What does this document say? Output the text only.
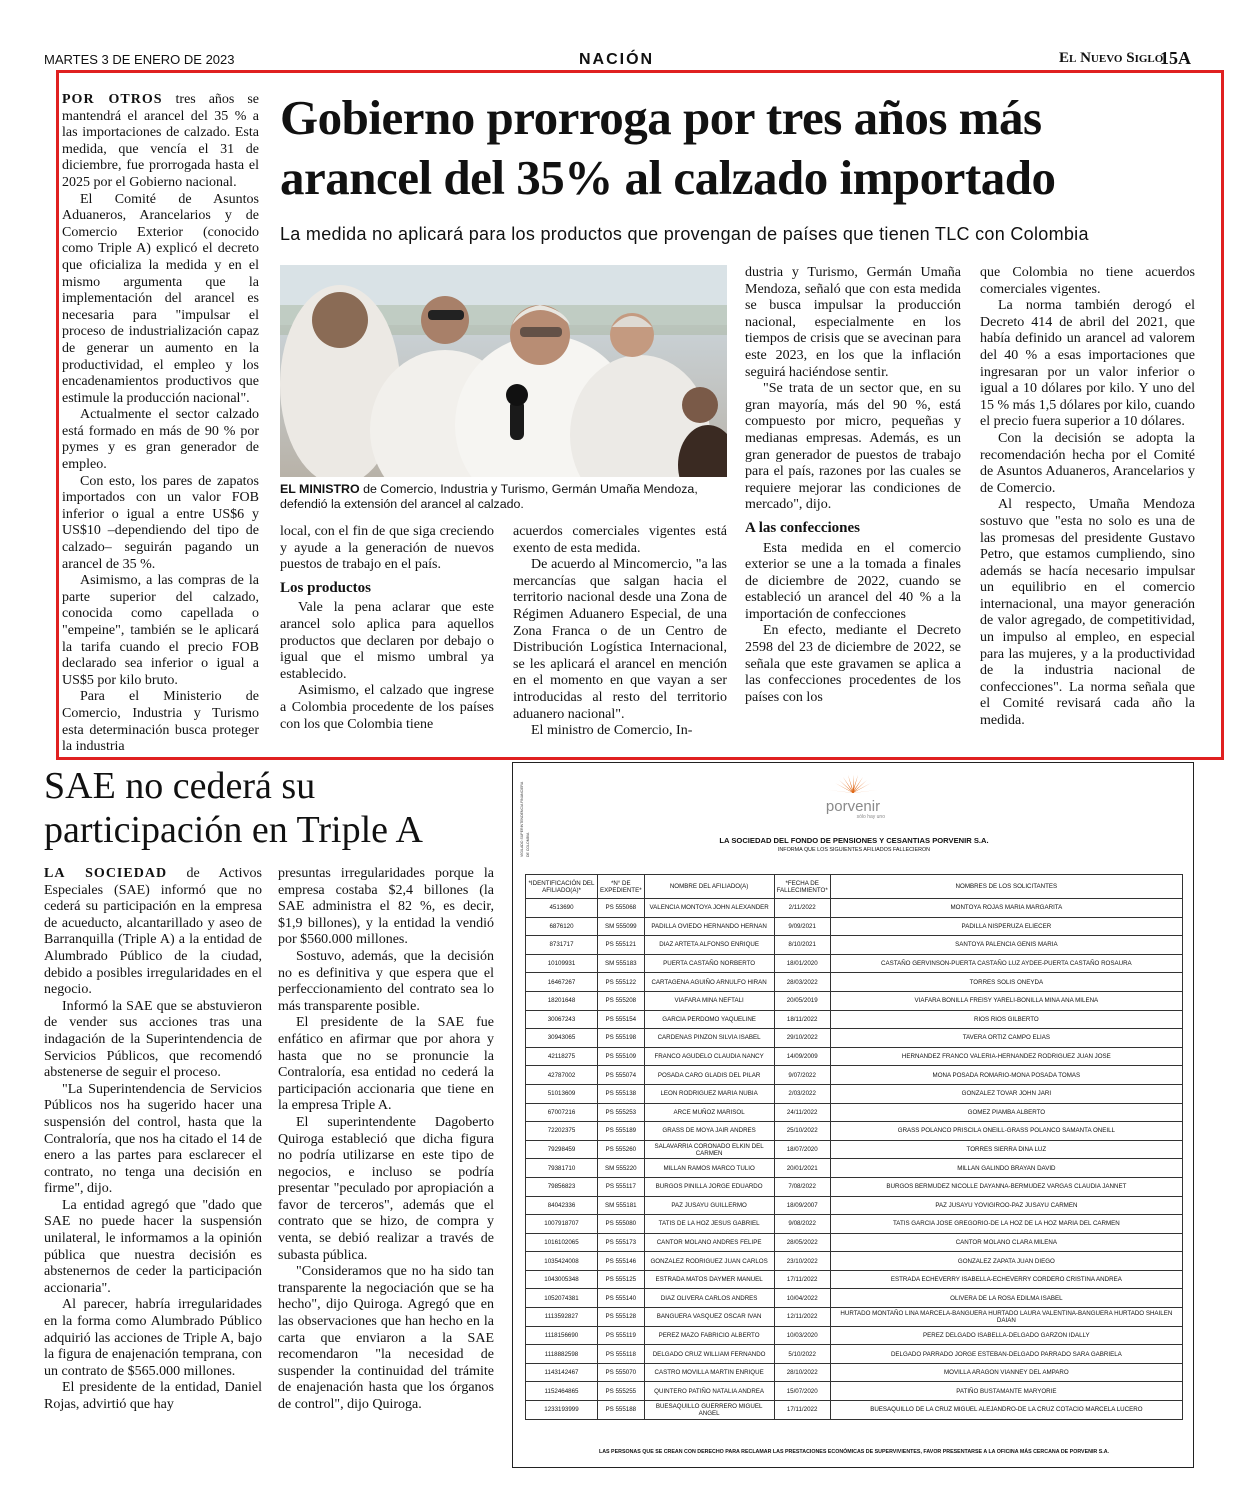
MARTES 3 DE ENERO DE 2023	NACIÓN	El Nuevo Siglo
15A

POR OTROS tres años se mantendrá el arancel del 35 % a las importaciones de calzado. Esta medida, que vencía el 31 de diciembre, fue prorrogada hasta el 2025 por el Gobierno nacional.

El Comité de Asuntos Aduaneros, Arancelarios y de Comercio Exterior (conocido como Triple A) explicó el decreto que oficializa la medida y en el mismo argumenta que la implementación del arancel es necesaria para "impulsar el proceso de industrialización capaz de generar un aumento en la productividad, el empleo y los encadenamientos productivos que estimule la producción nacional".

Actualmente el sector calzado está formado en más de 90 % por pymes y es gran generador de empleo.

Con esto, los pares de zapatos importados con un valor FOB inferior o igual a entre US$6 y US$10 –dependiendo del tipo de calzado– seguirán pagando un arancel de 35 %.

Asimismo, a las compras de la parte superior del calzado, conocida como capellada o "empeine", también se le aplicará la tarifa cuando el precio FOB declarado sea inferior o igual a US$5 por kilo bruto.

Para el Ministerio de Comercio, Industria y Turismo esta determinación busca proteger la industria

Gobierno prorroga por tres años más
arancel del 35% al calzado importado
La medida no aplicará para los productos que provengan de países que tienen TLC con Colombia
EL MINISTRO de Comercio, Industria y Turismo, Germán Umaña Mendoza, defendió la extensión del arancel al calzado.

local, con el fin de que siga creciendo y ayude a la generación de nuevos puestos de trabajo en el país.

Los productos

Vale la pena aclarar que este arancel solo aplica para aquellos productos que declaren por debajo o igual que el mismo umbral ya establecido.

Asimismo, el calzado que ingrese a Colombia procedente de los países con los que Colombia tiene

acuerdos comerciales vigentes está exento de esta medida.

De acuerdo al Mincomercio, "a las mercancías que salgan hacia el territorio nacional desde una Zona de Régimen Aduanero Especial, de una Zona Franca o de un Centro de Distribución Logística Internacional, se les aplicará el arancel en mención en el momento en que vayan a ser introducidas al resto del territorio aduanero nacional".

El ministro de Comercio, In-

dustria y Turismo, Germán Umaña Mendoza, señaló que con esta medida se busca impulsar la producción nacional, especialmente en los tiempos de crisis que se avecinan para este 2023, en los que la inflación seguirá haciéndose sentir.

"Se trata de un sector que, en su gran mayoría, más del 90 %, está compuesto por micro, pequeñas y medianas empresas. Además, es un gran generador de puestos de trabajo para el país, razones por las cuales se requiere mejorar las condiciones de mercado", dijo.

A las confecciones

Esta medida en el comercio exterior se une a la tomada a finales de diciembre de 2022, cuando se estableció un arancel del 40 % a la importación de confecciones

En efecto, mediante el Decreto 2598 del 23 de diciembre de 2022, se señala que este gravamen se aplica a las confecciones procedentes de los países con los

que Colombia no tiene acuerdos comerciales vigentes.

La norma también derogó el Decreto 414 de abril del 2021, que había definido un arancel ad valorem del 40 % a esas importaciones que ingresaran por un valor inferior o igual a 10 dólares por kilo. Y uno del 15 % más 1,5 dólares por kilo, cuando el precio fuera superior a 10 dólares.

Con la decisión se adopta la recomendación hecha por el Comité de Asuntos Aduaneros, Arancelarios y de Comercio.

Al respecto, Umaña Mendoza sostuvo que "esta no solo es una de las promesas del presidente Gustavo Petro, que estamos cumpliendo, sino además se hacía necesario impulsar un equilibrio en el comercio internacional, una mayor generación de valor agregado, de competitividad, un impulso al empleo, en especial para las mujeres, y a la productividad de la industria nacional de confecciones". La norma señala que el Comité revisará cada año la medida.

SAE no cederá su
participación en Triple A

LA SOCIEDAD de Activos Especiales (SAE) informó que no cederá su participación en la empresa de acueducto, alcantarillado y aseo de Barranquilla (Triple A) a la entidad de Alumbrado Público de la ciudad, debido a posibles irregularidades en el negocio.

Informó la SAE que se abstuvieron de vender sus acciones tras una indagación de la Superintendencia de Servicios Públicos, que recomendó abstenerse de seguir el proceso.

"La Superintendencia de Servicios Públicos nos ha sugerido hacer una suspensión del control, hasta que la Contraloría, que nos ha citado el 14 de enero a las partes para esclarecer el contrato, no tenga una decisión en firme", dijo.

La entidad agregó que "dado que SAE no puede hacer la suspensión unilateral, le informamos a la opinión pública que nuestra decisión es abstenernos de ceder la participación accionaria".

Al parecer, habría irregularidades en la forma como Alumbrado Público adquirió las acciones de Triple A, bajo la figura de enajenación temprana, con un contrato de $565.000 millones.

El presidente de la entidad, Daniel Rojas, advirtió que hay

presuntas irregularidades porque la empresa costaba $2,4 billones (la SAE administra el 82 %, es decir, $1,9 billones), y la entidad la vendió por $560.000 millones.

Sostuvo, además, que la decisión no es definitiva y que espera que el perfeccionamiento del contrato sea lo más transparente posible.

El presidente de la SAE fue enfático en afirmar que por ahora y hasta que no se pronuncie la Contraloría, esa entidad no cederá la participación accionaria que tiene en la empresa Triple A.

El superintendente Dagoberto Quiroga estableció que dicha figura no podría utilizarse en este tipo de negocios, e incluso se podría presentar "peculado por apropiación a favor de terceros", además que el contrato que se hizo, de compra y venta, se debió realizar a través de subasta pública.

"Consideramos que no ha sido tan transparente la negociación que se ha hecho", dijo Quiroga. Agregó que en las observaciones que han hecho en la carta que enviaron a la SAE recomendaron "la necesidad de suspender la continuidad del trámite de enajenación hasta que los órganos de control", dijo Quiroga.

VIGILADO SUPERINTENDENCIA FINANCIERA DE COLOMBIA
porvenir
sólo hay uno
LA SOCIEDAD DEL FONDO DE PENSIONES Y CESANTIAS PORVENIR S.A.
INFORMA QUE LOS SIGUIENTES AFILIADOS FALLECIERON
*IDENTIFICACIÓN DEL AFILIADO(A)*	*N° DE EXPEDIENTE*	NOMBRE DEL AFILIADO(A)	*FECHA DE FALLECIMIENTO*	NOMBRES DE LOS SOLICITANTES
4513690	PS 555068	VALENCIA MONTOYA JOHN ALEXANDER	2/11/2022	MONTOYA ROJAS MARIA MARGARITA
6876120	SM 555099	PADILLA OVIEDO HERNANDO HERNAN	9/09/2021	PADILLA NISPERUZA ELIECER
8731717	PS 555121	DIAZ ARTETA ALFONSO ENRIQUE	8/10/2021	SANTOYA PALENCIA GENIS MARIA
10109931	SM 555183	PUERTA CASTAÑO NORBERTO	18/01/2020	CASTAÑO GERVINSON-PUERTA CASTAÑO LUZ AYDEE-PUERTA CASTAÑO ROSAURA
16467267	PS 555122	CARTAGENA AGUIÑO ARNULFO HIRAN	28/03/2022	TORRES SOLIS ONEYDA
18201648	PS 555208	VIAFARA MINA NEFTALI	20/05/2019	VIAFARA BONILLA FREISY YARELI-BONILLA MINA ANA MILENA
30067243	PS 555154	GARCIA PERDOMO YAQUELINE	18/11/2022	RIOS RIOS GILBERTO
30943065	PS 555198	CARDENAS PINZON SILVIA ISABEL	29/10/2022	TAVERA ORTIZ CAMPO ELIAS
42118275	PS 555109	FRANCO AGUDELO CLAUDIA NANCY	14/09/2009	HERNANDEZ FRANCO VALERIA-HERNANDEZ RODRIGUEZ JUAN JOSE
42787002	PS 555074	POSADA CARO GLADIS DEL PILAR	9/07/2022	MONA POSADA ROMARIO-MONA POSADA TOMAS
51013609	PS 555138	LEON RODRIGUEZ MARIA NUBIA	2/03/2022	GONZALEZ TOVAR JOHN JARI
67007216	PS 555253	ARCE MUÑOZ MARISOL	24/11/2022	GOMEZ PIAMBA ALBERTO
72202375	PS 555189	GRASS DE MOYA JAIR ANDRES	25/10/2022	GRASS POLANCO PRISCILA ONEILL-GRASS POLANCO SAMANTA ONEILL
79298459	PS 555260	SALAVARRIA CORONADO ELKIN DEL CARMEN	18/07/2020	TORRES SIERRA DINA LUZ
79381710	SM 555220	MILLAN RAMOS MARCO TULIO	20/01/2021	MILLAN GALINDO BRAYAN DAVID
79856823	PS 555117	BURGOS PINILLA JORGE EDUARDO	7/08/2022	BURGOS BERMUDEZ NICOLLE DAYANNA-BERMUDEZ VARGAS CLAUDIA JANNET
84042336	SM 555181	PAZ JUSAYU GUILLERMO	18/09/2007	PAZ JUSAYU YOVIGIROO-PAZ JUSAYU CARMEN
1007918707	PS 555080	TATIS DE LA HOZ JESUS GABRIEL	9/08/2022	TATIS GARCIA JOSE GREGORIO-DE LA HOZ DE LA HOZ MARIA DEL CARMEN
1016102065	PS 555173	CANTOR MOLANO ANDRES FELIPE	28/05/2022	CANTOR MOLANO CLARA MILENA
1035424008	PS 555146	GONZALEZ RODRIGUEZ JUAN CARLOS	23/10/2022	GONZALEZ ZAPATA JUAN DIEGO
1043005348	PS 555125	ESTRADA MATOS DAYMER MANUEL	17/11/2022	ESTRADA ECHEVERRY ISABELLA-ECHEVERRY CORDERO CRISTINA ANDREA
1052074381	PS 555140	DIAZ OLIVERA CARLOS ANDRES	10/04/2022	OLIVERA DE LA ROSA EDILMA ISABEL
1113592827	PS 555128	BANGUERA VASQUEZ OSCAR IVAN	12/11/2022	HURTADO MONTAÑO LINA MARCELA-BANGUERA HURTADO LAURA VALENTINA-BANGUERA HURTADO SHAILEN DAIAN
1118156690	PS 555119	PEREZ MAZO FABRICIO ALBERTO	10/03/2020	PEREZ DELGADO ISABELLA-DELGADO GARZON IDALLY
1118882598	PS 555118	DELGADO CRUZ WILLIAM FERNANDO	5/10/2022	DELGADO PARRADO JORGE ESTEBAN-DELGADO PARRADO SARA GABRIELA
1143142467	PS 555070	CASTRO MOVILLA MARTIN ENRIQUE	28/10/2022	MOVILLA ARAGON VIANNEY DEL AMPARO
1152464865	PS 555255	QUINTERO PATIÑO NATALIA ANDREA	15/07/2020	PATIÑO BUSTAMANTE MARYORIE
1233193999	PS 555188	BUESAQUILLO GUERRERO MIGUEL ANGEL	17/11/2022	BUESAQUILLO DE LA CRUZ MIGUEL ALEJANDRO-DE LA CRUZ COTACIO MARCELA LUCERO
LAS PERSONAS QUE SE CREAN CON DERECHO PARA RECLAMAR LAS PRESTACIONES ECONÓMICAS DE SUPERVIVIENTES, FAVOR PRESENTARSE A LA OFICINA MÁS CERCANA DE PORVENIR S.A.
